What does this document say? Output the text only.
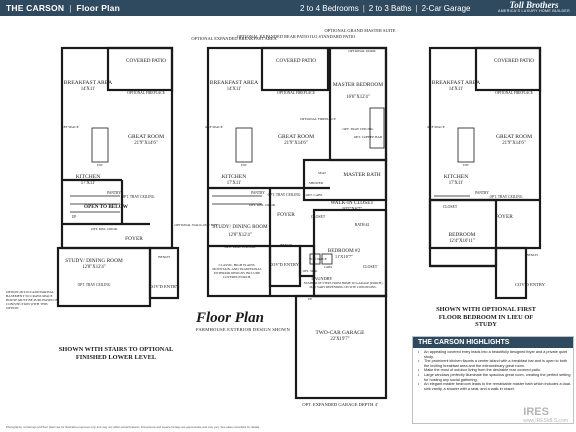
THE CARSON | Floor Plan	2 to 4 Bedrooms | 2 to 3 Baths | 2-Car Garage	Toll Brothers
AMERICA'S LUXURY HOME BUILDER
COVERED PATIO
BREAKFAST AREA
14'X11'
OPTIONAL FIREPLACE
REF SPACE
GREAT ROOM
21'9"X14'6"
DW
KITCHEN
17'X11'
PANTRY
OPT. TRAY CEILING
OPEN TO BELOW
UP
OPT. DBL. DOOR
FOYER
STUDY/ DINING ROOM
12'8"X12'4"
OPT. TRAY CEILING
BENCH
COV'D ENTRY
OPTION 2KT-010 ADD PARTIAL BASEMENT TO CRAWLSPACE HOUSE MUST BE PURCHASED IN CONJUNCTION WITH THIS OPTION
OPTIONAL EXPANDED BREAKFAST AREA
OPTIONAL EXPANDED REAR PATIO ILO STANDARD PATIO
OPTIONAL GRAND MASTER SUITE
OPTIONAL DOOR
COVERED PATIO
BREAKFAST AREA
14'X11'
OPTIONAL FIREPLACE
MASTER BEDROOM
16'6"X12'4"
OPTIONAL FIREPLACE
OPT. TRAY CEILING
OPT. COFFEE BAR
REF SPACE
GREAT ROOM
21'9"X14'6"
DW
KITCHEN
17'X11'
SEAT
SHOWER
MASTER BATH
OPT. CABS
PANTRY OPT. TRAY CEILING
WALK-IN CLOSET
10'7"X6'7"
OPTIONAL WALK-OUT BAY
OPT. DBL. DOOR
FOYER	CLOSET
STUDY/ DINING ROOM
12'8"X12'4"
OPT. TRAY CEILING
BATH #2
BEDROOM #2
11'X10'7"
CLOSET
BENCH
COV'D ENTRY
W/D SPACE
OPT. SINK
CABS
LAUNDRY
UP
TWO-CAR GARAGE
22'X19'7"
OPT. EXPANDED GARAGE DEPTH 4'
CLASSIC, HIGH PLAINS, MOUNTAIN, AND TRADITIONAL EXTERIOR DESIGNS INCLUDE COVERED PORCH.
NUMBER OF STEPS FROM HOME TO GARAGE (PORCH) MAY VARY DEPENDING ON SITE CONDITIONS.
COVERED PATIO
BREAKFAST AREA
14'X11'
OPTIONAL FIREPLACE
REF SPACE
GREAT ROOM
21'9"X14'6"
DW
KITCHEN
17'X11'
PANTRY
OPT. TRAY CEILING
CLOSET
FOYER
BEDROOM
12'4"X10'11"
BENCH
COV'D ENTRY
SHOWN WITH STAIRS TO OPTIONAL FINISHED LOWER LEVEL
Floor Plan
FARMHOUSE EXTERIOR DESIGN SHOWN
SHOWN WITH OPTIONAL FIRST FLOOR BEDROOM IN LIEU OF STUDY
THE CARSON HIGHLIGHTS
• An appealing covered entry leads into a beautifully designed foyer and a private quiet study.
• The prominent kitchen flaunts a center island with a breakfast bar and is open to both the inviting breakfast area and the extraordinary great room.
• Make the most of outdoor living from the desirable rear covered patio.
• Large windows perfectly illuminate the spacious great room, creating the perfect setting for hosting any social gathering.
• An elegant master bedroom leads to the remarkable master bath which includes a dual-sink vanity, a shower with a seat, and a walk-in closet.
IRES
www.IRESMLS.com
Photography, renderings and floor plans are for illustrative purposes only and may not reflect actual features. Dimensions and square footage are approximate and may vary. See sales consultant for details.
